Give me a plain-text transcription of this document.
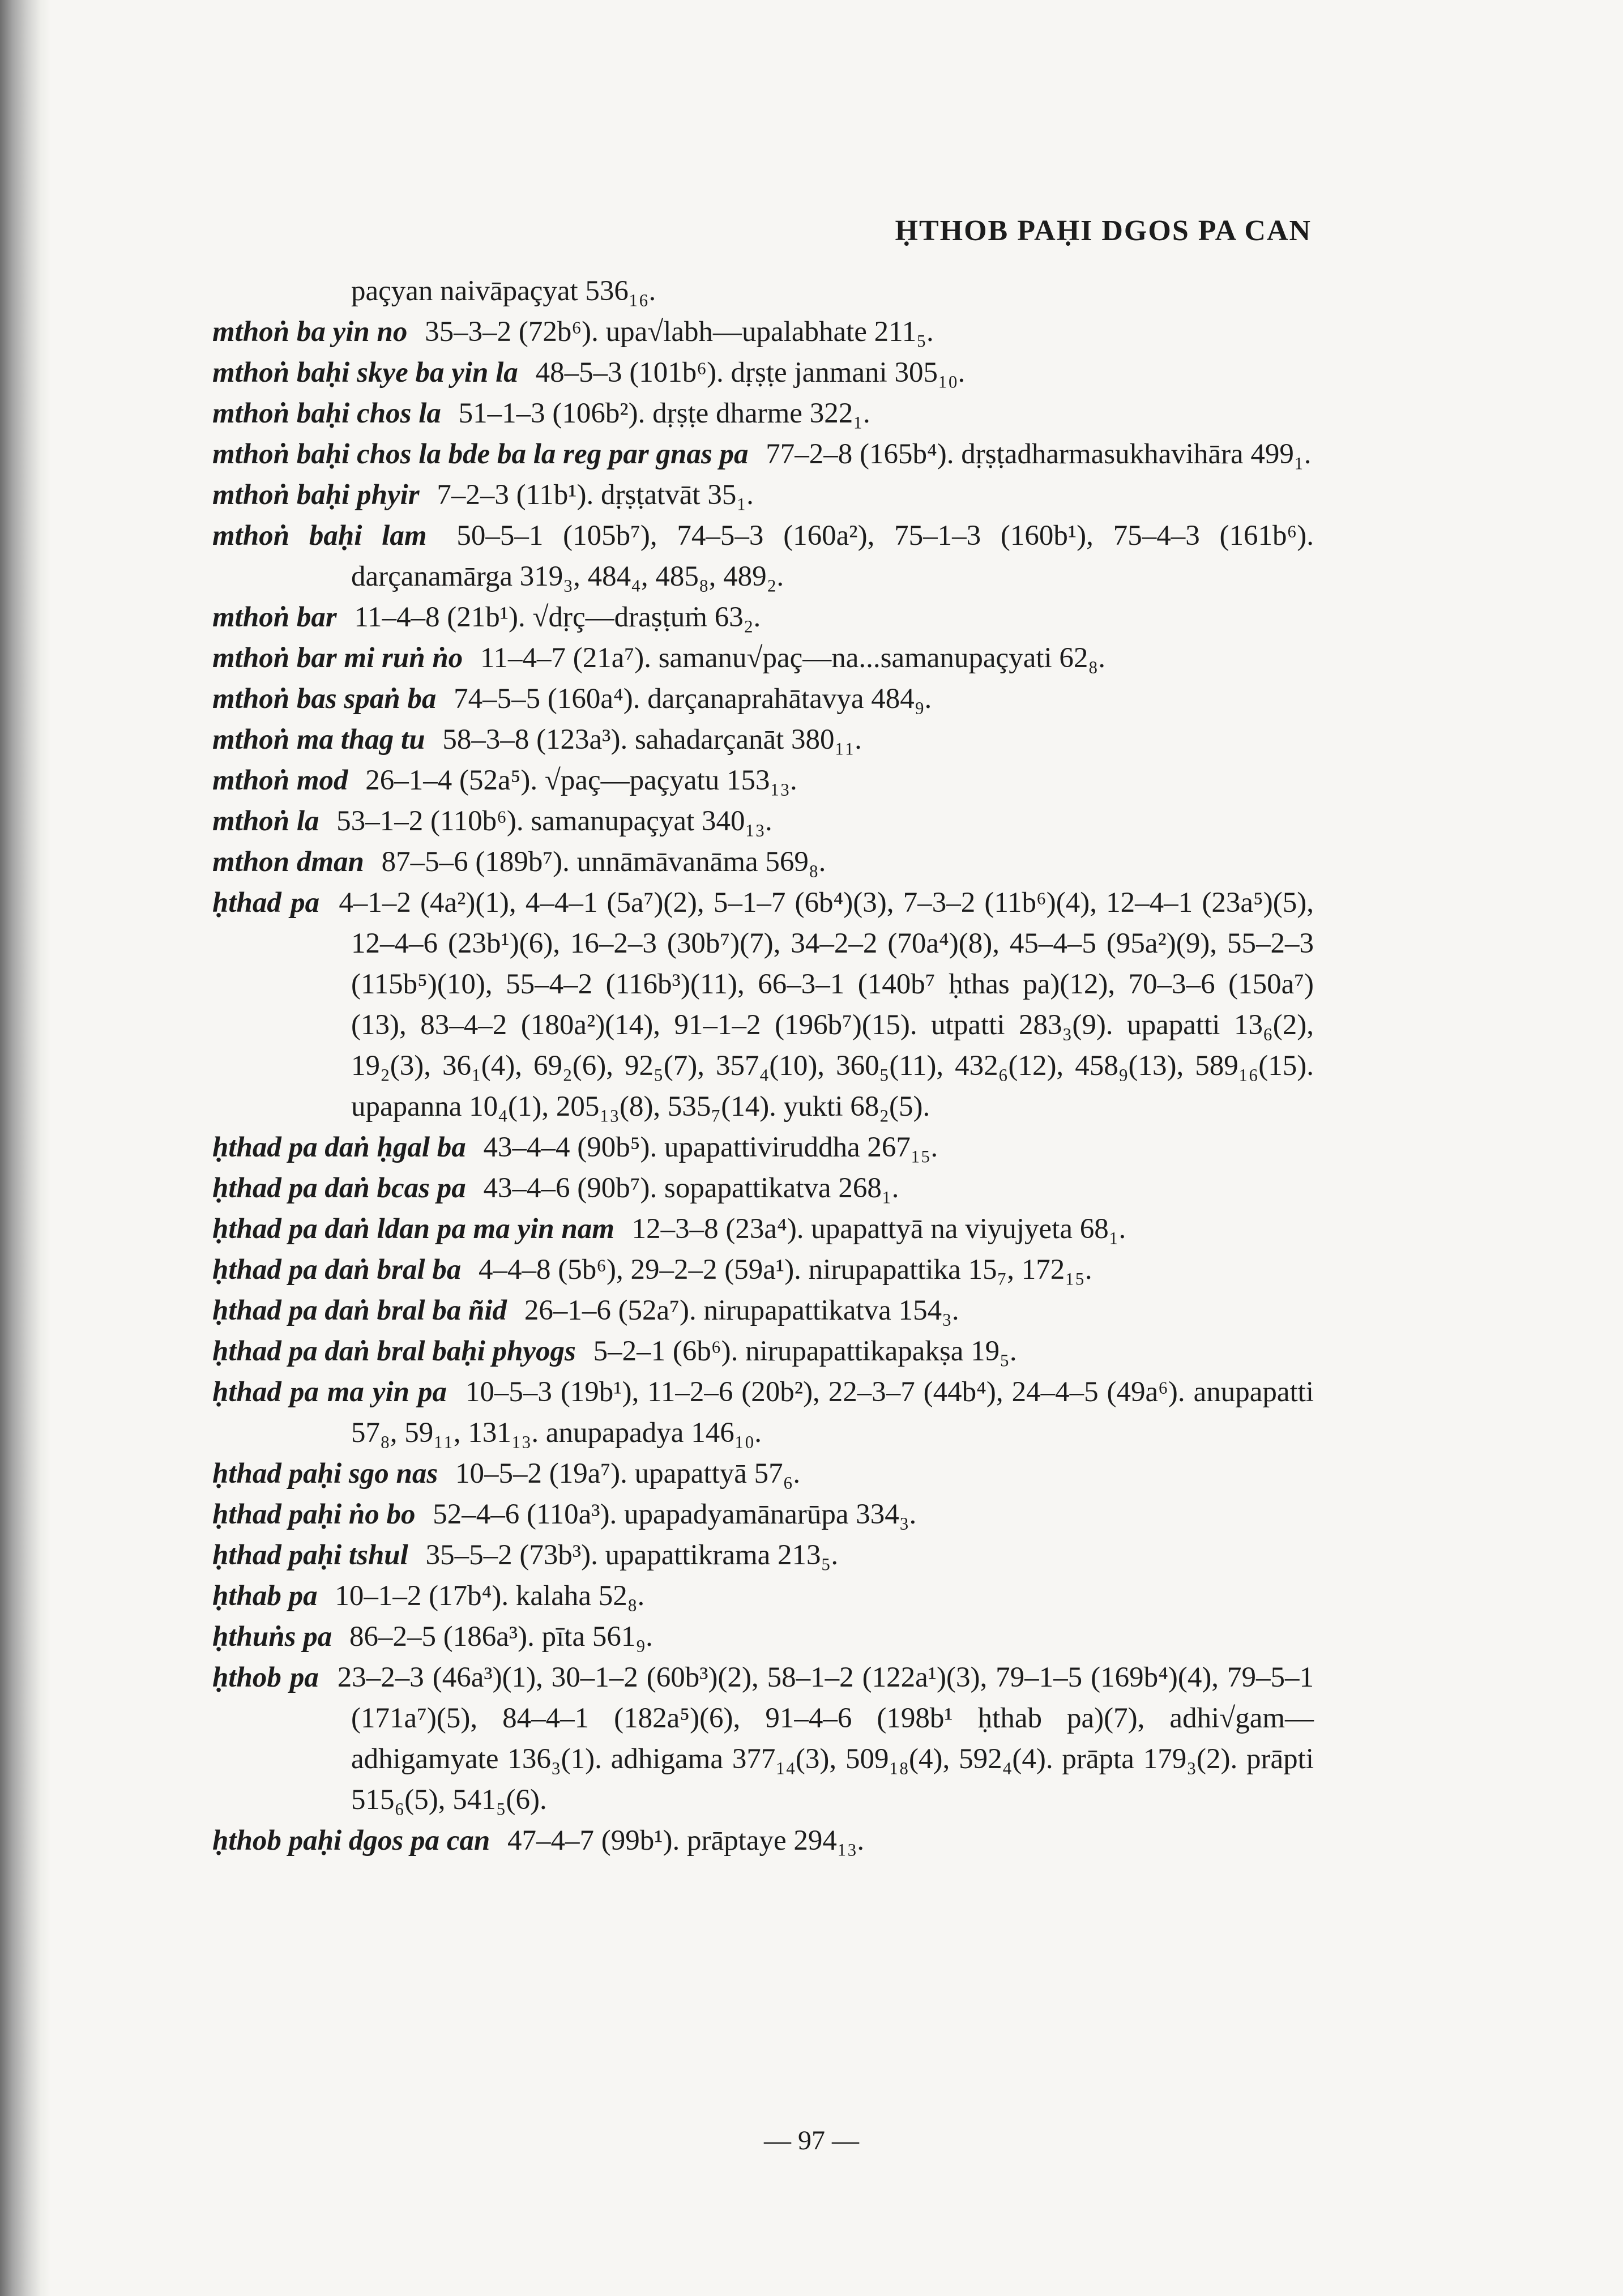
ḤTHOB PAḤI DGOS PA CAN

paçyan naivāpaçyat 536₁₆.

mthoṅ ba yin no 35–3–2 (72b⁶). upa√labh—upalabhate 211₅.

mthoṅ baḥi skye ba yin la 48–5–3 (101b⁶). dṛṣṭe janmani 305₁₀.

mthoṅ baḥi chos la 51–1–3 (106b²). dṛṣṭe dharme 322₁.

mthoṅ baḥi chos la bde ba la reg par gnas pa 77–2–8 (165b⁴). dṛṣṭadharmasukhavihāra 499₁.

mthoṅ baḥi phyir 7–2–3 (11b¹). dṛṣṭatvāt 35₁.

mthoṅ baḥi lam 50–5–1 (105b⁷), 74–5–3 (160a²), 75–1–3 (160b¹), 75–4–3 (161b⁶). darçanamārga 319₃, 484₄, 485₈, 489₂.

mthoṅ bar 11–4–8 (21b¹). √dṛç—draṣṭuṁ 63₂.

mthoṅ bar mi ruṅ ṅo 11–4–7 (21a⁷). samanu√paç—na...samanupaçyati 62₈.

mthoṅ bas spaṅ ba 74–5–5 (160a⁴). darçanaprahātavya 484₉.

mthoṅ ma thag tu 58–3–8 (123a³). sahadarçanāt 380₁₁.

mthoṅ mod 26–1–4 (52a⁵). √paç—paçyatu 153₁₃.

mthoṅ la 53–1–2 (110b⁶). samanupaçyat 340₁₃.

mthon dman 87–5–6 (189b⁷). unnāmāvanāma 569₈.

ḥthad pa 4–1–2 (4a²)(1), 4–4–1 (5a⁷)(2), 5–1–7 (6b⁴)(3), 7–3–2 (11b⁶)(4), 12–4–1 (23a⁵)(5), 12–4–6 (23b¹)(6), 16–2–3 (30b⁷)(7), 34–2–2 (70a⁴)(8), 45–4–5 (95a²)(9), 55–2–3 (115b⁵)(10), 55–4–2 (116b³)(11), 66–3–1 (140b⁷ ḥthas pa)(12), 70–3–6 (150a⁷)(13), 83–4–2 (180a²)(14), 91–1–2 (196b⁷)(15). utpatti 283₃(9). upapatti 13₆(2), 19₂(3), 36₁(4), 69₂(6), 92₅(7), 357₄(10), 360₅(11), 432₆(12), 458₉(13), 589₁₆(15). upapanna 10₄(1), 205₁₃(8), 535₇(14). yukti 68₂(5).

ḥthad pa daṅ ḥgal ba 43–4–4 (90b⁵). upapattiviruddha 267₁₅.

ḥthad pa daṅ bcas pa 43–4–6 (90b⁷). sopapattikatva 268₁.

ḥthad pa daṅ ldan pa ma yin nam 12–3–8 (23a⁴). upapattyā na viyujyeta 68₁.

ḥthad pa daṅ bral ba 4–4–8 (5b⁶), 29–2–2 (59a¹). nirupapattika 15₇, 172₁₅.

ḥthad pa daṅ bral ba ñid 26–1–6 (52a⁷). nirupapattikatva 154₃.

ḥthad pa daṅ bral baḥi phyogs 5–2–1 (6b⁶). nirupapattikapakṣa 19₅.

ḥthad pa ma yin pa 10–5–3 (19b¹), 11–2–6 (20b²), 22–3–7 (44b⁴), 24–4–5 (49a⁶). anupapatti 57₈, 59₁₁, 131₁₃. anupapadya 146₁₀.

ḥthad paḥi sgo nas 10–5–2 (19a⁷). upapattyā 57₆.

ḥthad paḥi ṅo bo 52–4–6 (110a³). upapadyamānarūpa 334₃.

ḥthad paḥi tshul 35–5–2 (73b³). upapattikrama 213₅.

ḥthab pa 10–1–2 (17b⁴). kalaha 52₈.

ḥthuṅs pa 86–2–5 (186a³). pīta 561₉.

ḥthob pa 23–2–3 (46a³)(1), 30–1–2 (60b³)(2), 58–1–2 (122a¹)(3), 79–1–5 (169b⁴)(4), 79–5–1 (171a⁷)(5), 84–4–1 (182a⁵)(6), 91–4–6 (198b¹ ḥthab pa)(7), adhi√gam—adhigamyate 136₃(1). adhigama 377₁₄(3), 509₁₈(4), 592₄(4). prāpta 179₃(2). prāpti 515₆(5), 541₅(6).

ḥthob paḥi dgos pa can 47–4–7 (99b¹). prāptaye 294₁₃.

— 97 —
